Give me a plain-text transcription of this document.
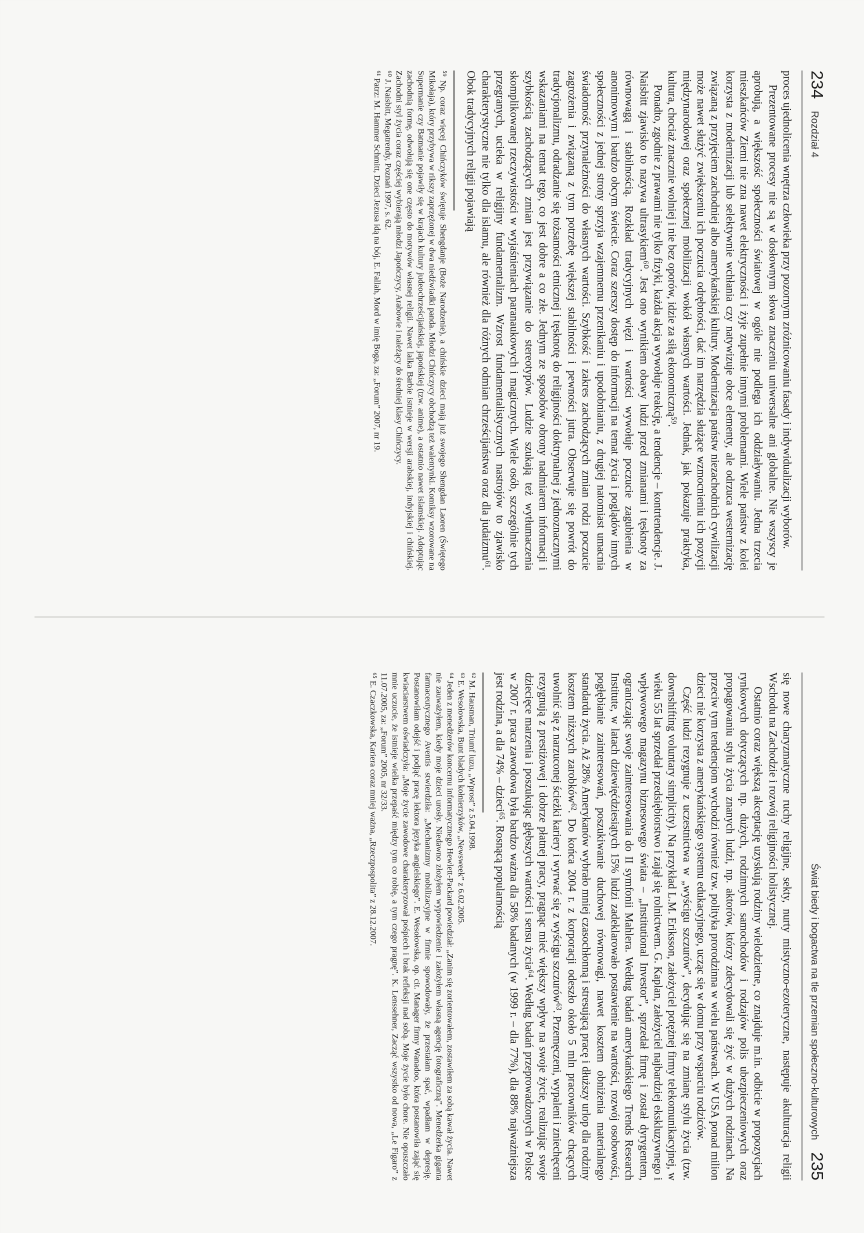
234
Rozdział 4

proces ujednolicenia wnętrza człowieka przy pozornym zróżnicowaniu fasady i indywidualizacji wyborów.

Prezentowane procesy nie są w dosłownym słowa znaczeniu uniwersalne ani globalne. Nie wszyscy je aprobują, a większość społeczności światowej w ogóle nie podlega ich oddziaływaniu. Jedna trzecia mieszkańców Ziemi nie zna nawet elektryczności i żyje zupełnie innymi problemami. Wiele państw z kolei korzysta z modernizacji lub selektywnie wchłania czy natywizuje obce elementy, ale odrzuca westernizację związaną z przyjęciem zachodniej albo amerykańskiej kultury. Modernizacja państw niezachodnich cywilizacji może nawet służyć zwiększeniu ich poczucia odrębności, dać im narzędzia służące wzmocnieniu ich pozycji międzynarodowej oraz społecznej mobilizacji wokół własnych wartości. Jednak, jak pokazuje praktyka, kultura, chociaż znacznie wolniej i nie bez oporów, idzie za siłą ekonomiczną⁵⁹.

Ponadto, zgodnie z prawami nie tylko fizyki, każda akcja wywołuje reakcję, a tendencje – kontrtendencje. J. Naisbitt zjawisko to nazywa ultrasykiem⁶⁰. Jest ono wynikiem obawy ludzi przed zmianami i tęsknoty za równowagą i stabilnością. Rozkład tradycyjnych więzi i wartości wywołuje poczucie zagubienia w anonimowym i bardzo obcym świecie. Coraz szerszy dostęp do informacji na temat życia i poglądów innych społeczności z jednej strony sprzyja wzajemnemu przenikaniu i upodobnianiu, z drugiej natomiast umacnia świadomość przynależności do własnych wartości. Szybkość i zakres zachodzących zmian rodzi poczucie zagrożenia i związaną z tym potrzebę większej stabilności i pewności jutra. Obserwuje się powrót do tradycjonalizmu, odradzanie się tożsamości etnicznej i tęsknotę do religijności doktrynalnej z jednoznacznymi wskazaniami na temat tego, co jest dobre a co złe. Jednym ze sposobów obrony nadmiarem informacji i szybkością zachodzących zmian jest przywiązanie do stereotypów. Ludzie szukają też wytłumaczenia skomplikowanej rzeczywistości w wyjaśnieniach paranaukowych i magicznych. Wiele osób, szczególnie tych przegranych, ucieka w religijny fundamentalizm. Wzrost fundamentalistycznych nastrojów to zjawisko charakterystyczne nie tylko dla islamu, ale również dla różnych odmian chrześcijaństwa oraz dla judaizmu⁶¹. Obok tradycyjnych religii pojawiają

⁵⁹ Np. coraz więcej Chińczyków świętuje Shengdanje (Boże Narodzenie), a chińskie dzieci mają już swojego Shengdan Laoren (Świętego Mikołaja), który przybywa w rikszy zaprzężonej w dwa niedźwiadki panda. Młodzi Chińczycy obchodzą też walentynki. Komiksy wzorowane na Supermanie czy Batmanie pojawiły się w krajach kultury judeochrześcijańskiej, japońskiej (tzw. anime), a ostatnio nawet islamskiej. Adoptując zachodnią formę, odwołują się one często do motywów własnej religii. Nawet lalka Barbie istnieje w wersji arabskiej, indyjskiej i chińskiej. Zachodni styl życia coraz częściej wybierają młodzi Japończycy, Arabowie i należący do średniej klasy Chińczycy.

⁶⁰ J. Naisbitt, Megatrendy, Poznań 1997, s. 62.

⁶¹ Patrz: M. Hammer Schmitt, Dzieci Jezusa idą na bój, E. Fallah, Mord w imię Boga, za: „Forum” 2007, nr 19.

Świat biedy i bogactwa na tle przemian społeczno-kulturowych
235

się nowe charyzmatyczne ruchy religijne, sekty, nurty mistyczno-ezoteryczne, następuje akulturacja religii Wschodu na Zachodzie i rozwój religijności holistycznej.

Ostatnio coraz większą akceptację uzyskują rodziny wielodzietne, co znajduje m.in. odbicie w propozycjach rynkowych dotyczących np. dużych, rodzinnych samochodów i rodzajów polis ubezpieczeniowych oraz propagowaniu stylu życia znanych ludzi, np. aktorów, którzy zdecydowali się żyć w dużych rodzinach. Na przeciw tym tendencjom wychodzi również tzw. polityka prorodzinna w wielu państwach. W USA ponad milion dzieci nie korzysta z amerykańskiego systemu edukacyjnego, ucząc się w domu przy wsparciu rodziców.

Część ludzi rezygnuje z uczestnictwa w „wyścigu szczurów”, decydując się na zmianę stylu życia (tzw. downshifting voluntary simplicity). Na przykład L.M. Eriksson, założyciel potężnej firmy telekomunikacyjnej, w wieku 55 lat sprzedał przedsiębiorstwo i zajął się rolnictwem. G. Kaplan, założyciel najbardziej ekskluzywnego i wpływowego magazynu biznesowego świata – „Institutional Investor”, sprzedał firmę i został dyrygentem, ograniczając swoje zainteresowania do II symfonii Mahlera. Według badań amerykańskiego Trends Research Institute, w latach dziewięćdziesiątych 15% ludzi zadeklarowało postawienie na wartości, rozwój osobowości, pogłębianie zainteresowań, poszukiwanie duchowej równowagi, nawet kosztem obniżenia materialnego standardu życia. Aż 28% Amerykanów wybrało mniej czasochłonną i stresującą pracę i dłuższy urlop dla rodziny kosztem niższych zarobków⁶². Do końca 2004 r. z korporacji odeszło około 5 mln pracowników chcących uwolnić się z narzuconej ścieżki kariery i wyrwać się z wyścigu szczurów⁶³. Przemęczeni, wypaleni i zniechęceni rezygnują z prestiżowej i dobrze płatnej pracy, pragnąc mieć większy wpływ na swoje życie, realizując swoje dziecięce marzenia i poszukując głębszych wartości i sensu życia⁶⁴. Według badań przeprowadzonych w Polsce w 2007 r. praca zawodowa była bardzo ważna dla 58% badanych (w 1999 r. – dla 77%), dla 88% najważniejsza jest rodzina, a dla 74% – dzieci⁶⁵. Rosnącą popularnością

⁶² M. Hausman, Triumf luzu, „Wprost” z 5.04.1998.

⁶³ E. Wesołowska, Bunt bladych kołnierzyków, „Newsweek” z 6.02.2005.

⁶⁴ Jeden z menedżerów koncernu informatycznego Hewlett-Packard powiedział: „Zanim się zorientowałem, zostawiłem za sobą kawał życia. Nawet nie zauważyłem, kiedy moje dzieci urosły. Niedawno złożyłem wypowiedzenie i założyłem własną agencję fotograficzną”. Menedżerka giganta farmaceutycznego Aventis stwierdziła: „Mechanizmy mobilizacyjne w firmie spowodowały, że przestałam spać, wpadłam w depresję. Postanowiłam odejść i podjąć pracę lektora języka angielskiego”. E. Wesołowska, op. cit. Manager firmy Wanadoo, która postanowiła zająć się kwiaciarstwem oświadczyła: „Moje życie zawodowe charakteryzował pośpiech i brak refleksji nad sobą. Moje życie było chore. Nie opuszczało mnie uczucie, że istnieje wielka przepaść między tym co robię, a tym czego pragnę”. K. Lenssehner, Zacząć wszystko od nowa, „Le Figaro” z 11.07.2005, za: „Forum” 2005, nr 32/33.

⁶⁵ E. Czaczkowska, Kariera coraz mniej ważna, „Rzeczpospolita” z 28.12.2007.
